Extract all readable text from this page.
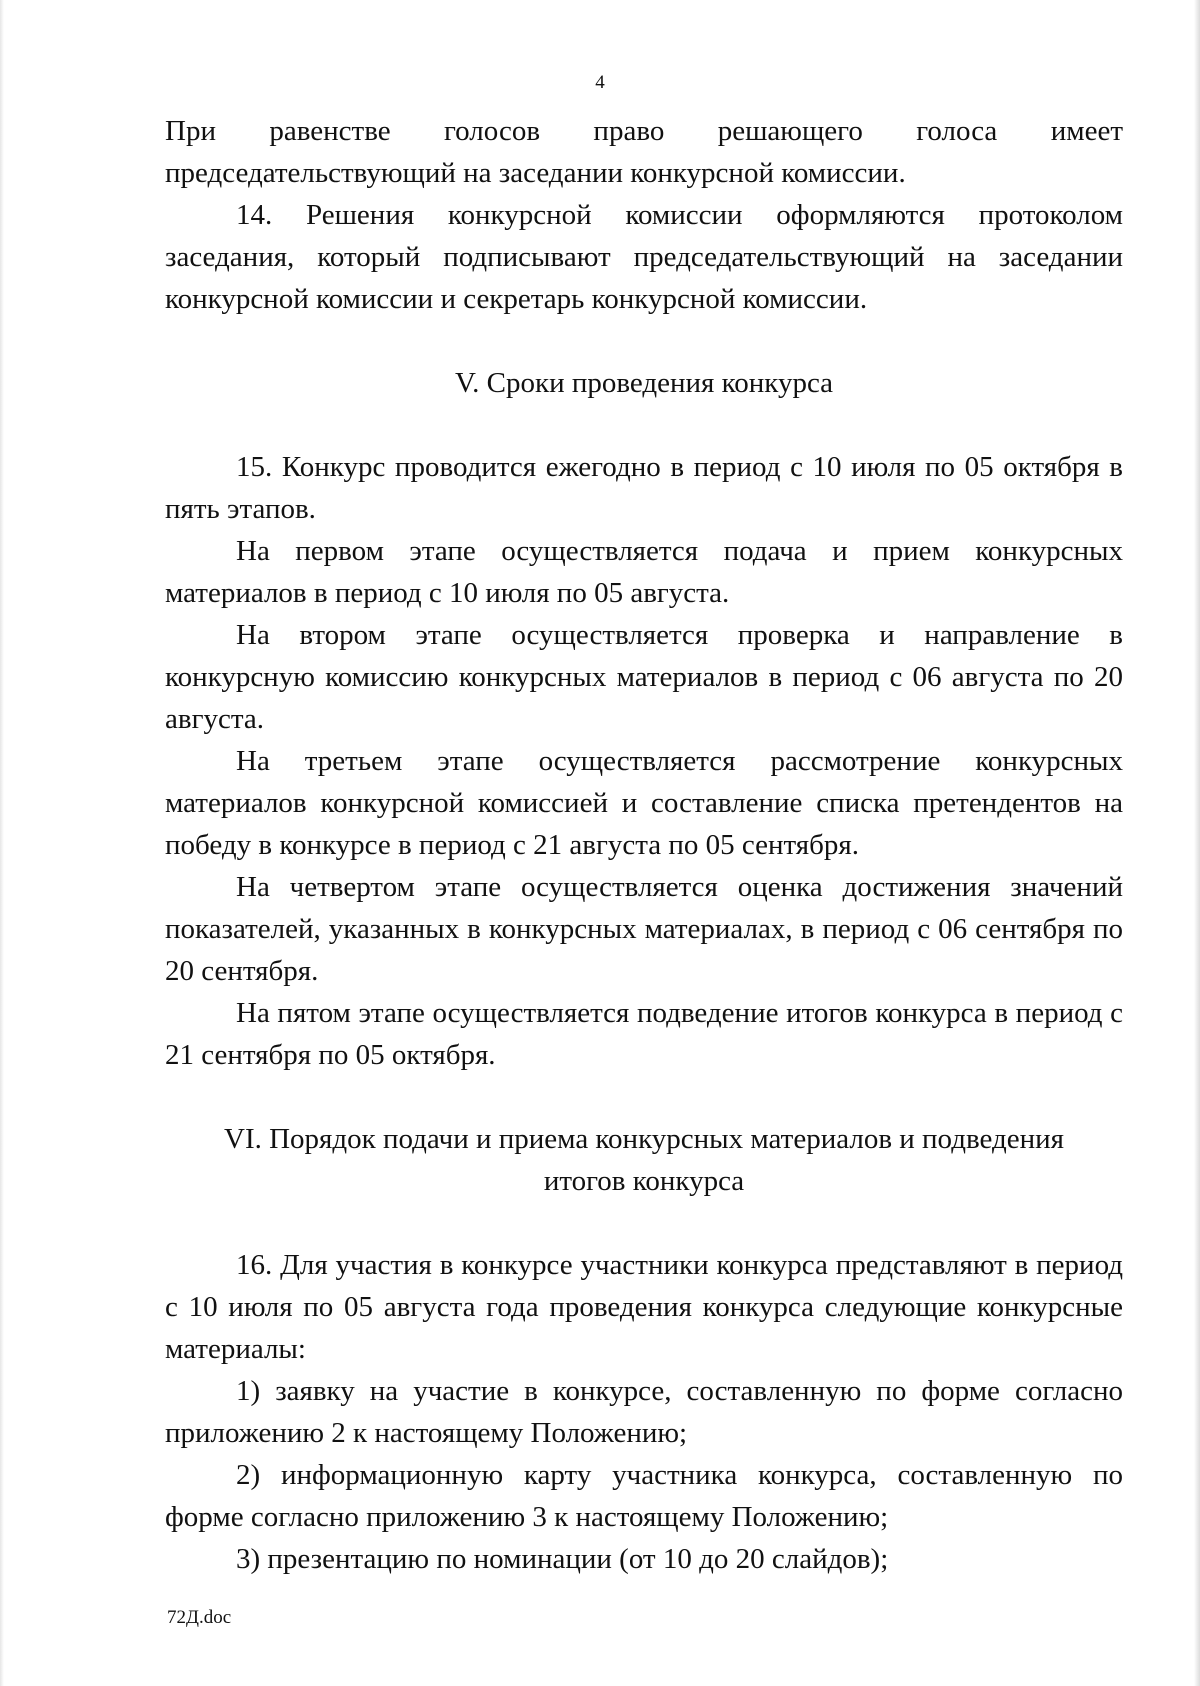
4

При равенстве голосов право решающего голоса имеет председательствующий на заседании конкурсной комиссии.

14. Решения конкурсной комиссии оформляются протоколом заседания, который подписывают председательствующий на заседании конкурсной комиссии и секретарь конкурсной комиссии.

V. Сроки проведения конкурса

15. Конкурс проводится ежегодно в период с 10 июля по 05 октября в пять этапов.

На первом этапе осуществляется подача и прием конкурсных материалов в период с 10 июля по 05 августа.

На втором этапе осуществляется проверка и направление в конкурсную комиссию конкурсных материалов в период с 06 августа по 20 августа.

На третьем этапе осуществляется рассмотрение конкурсных материалов конкурсной комиссией и составление списка претендентов на победу в конкурсе в период с 21 августа по 05 сентября.

На четвертом этапе осуществляется оценка достижения значений показателей, указанных в конкурсных материалах, в период с 06 сентября по 20 сентября.

На пятом этапе осуществляется подведение итогов конкурса в период с 21 сентября по 05 октября.

VI. Порядок подачи и приема конкурсных материалов и подведения

итогов конкурса

16. Для участия в конкурсе участники конкурса представляют в период с 10 июля по 05 августа года проведения конкурса следующие конкурсные материалы:

1) заявку на участие в конкурсе, составленную по форме согласно приложению 2 к настоящему Положению;

2) информационную карту участника конкурса, составленную по форме согласно приложению 3 к настоящему Положению;

3) презентацию по номинации (от 10 до 20 слайдов);

72Д.doc
